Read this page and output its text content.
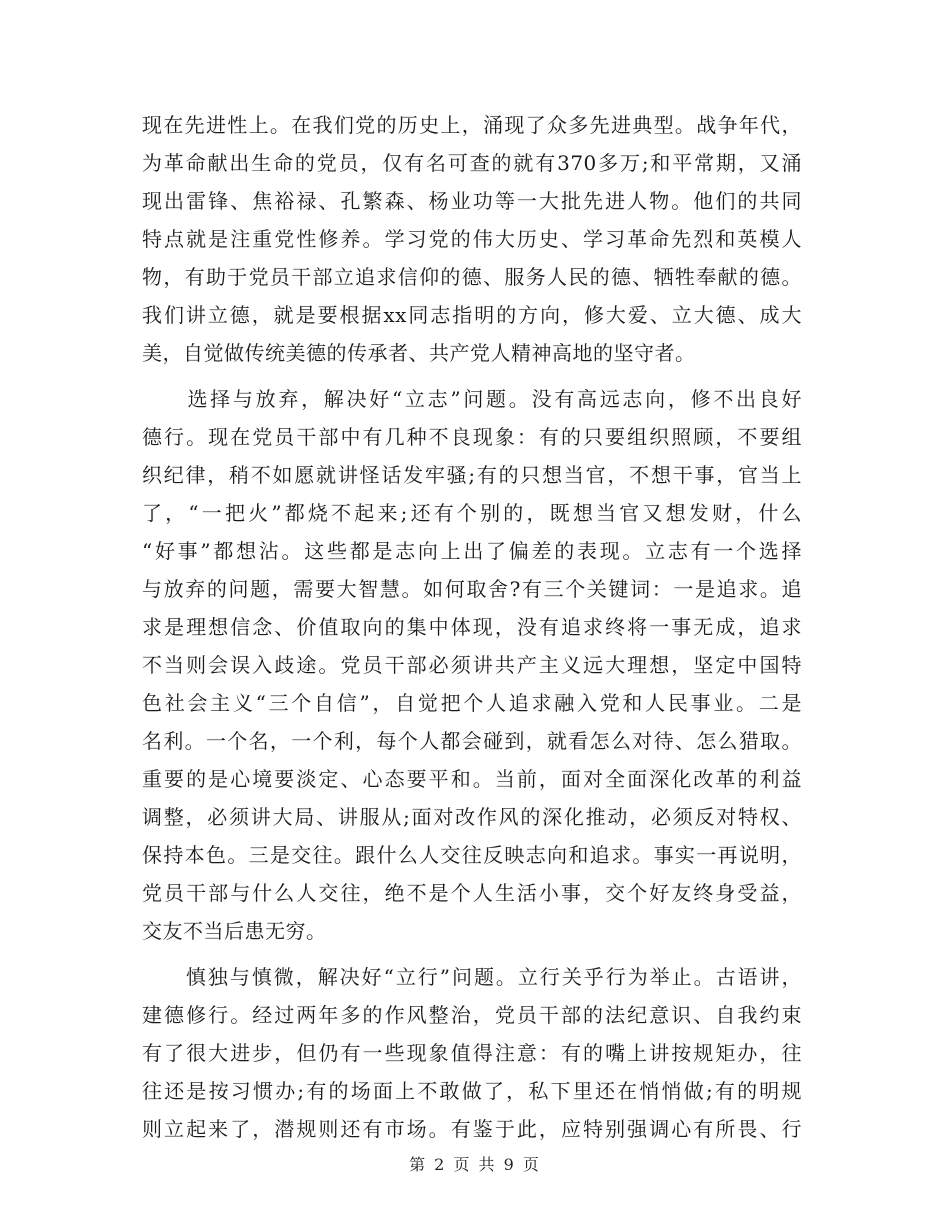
现在先进性上。在我们党的历史上，涌现了众多先进典型。战争年代，
为革命献出生命的党员，仅有名可查的就有370多万;和平常期，又涌
现出雷锋、焦裕禄、孔繁森、杨业功等一大批先进人物。他们的共同
特点就是注重党性修养。学习党的伟大历史、学习革命先烈和英模人
物，有助于党员干部立追求信仰的德、服务人民的德、牺牲奉献的德。
我们讲立德，就是要根据xx同志指明的方向，修大爱、立大德、成大
美，自觉做传统美德的传承者、共产党人精神高地的坚守者。

　　选择与放弃，解决好“立志”问题。没有高远志向，修不出良好
德行。现在党员干部中有几种不良现象：有的只要组织照顾，不要组
织纪律，稍不如愿就讲怪话发牢骚;有的只想当官，不想干事，官当上
了，“一把火”都烧不起来;还有个别的，既想当官又想发财，什么
“好事”都想沾。这些都是志向上出了偏差的表现。立志有一个选择
与放弃的问题，需要大智慧。如何取舍?有三个关键词：一是追求。追
求是理想信念、价值取向的集中体现，没有追求终将一事无成，追求
不当则会误入歧途。党员干部必须讲共产主义远大理想，坚定中国特
色社会主义“三个自信”，自觉把个人追求融入党和人民事业。二是
名利。一个名，一个利，每个人都会碰到，就看怎么对待、怎么猎取。
重要的是心境要淡定、心态要平和。当前，面对全面深化改革的利益
调整，必须讲大局、讲服从;面对改作风的深化推动，必须反对特权、
保持本色。三是交往。跟什么人交往反映志向和追求。事实一再说明，
党员干部与什么人交往，绝不是个人生活小事，交个好友终身受益，
交友不当后患无穷。

　　慎独与慎微，解决好“立行”问题。立行关乎行为举止。古语讲，
建德修行。经过两年多的作风整治，党员干部的法纪意识、自我约束
有了很大进步，但仍有一些现象值得注意：有的嘴上讲按规矩办，往
往还是按习惯办;有的场面上不敢做了，私下里还在悄悄做;有的明规
则立起来了，潜规则还有市场。有鉴于此，应特别强调心有所畏、行

第 2 页 共 9 页
